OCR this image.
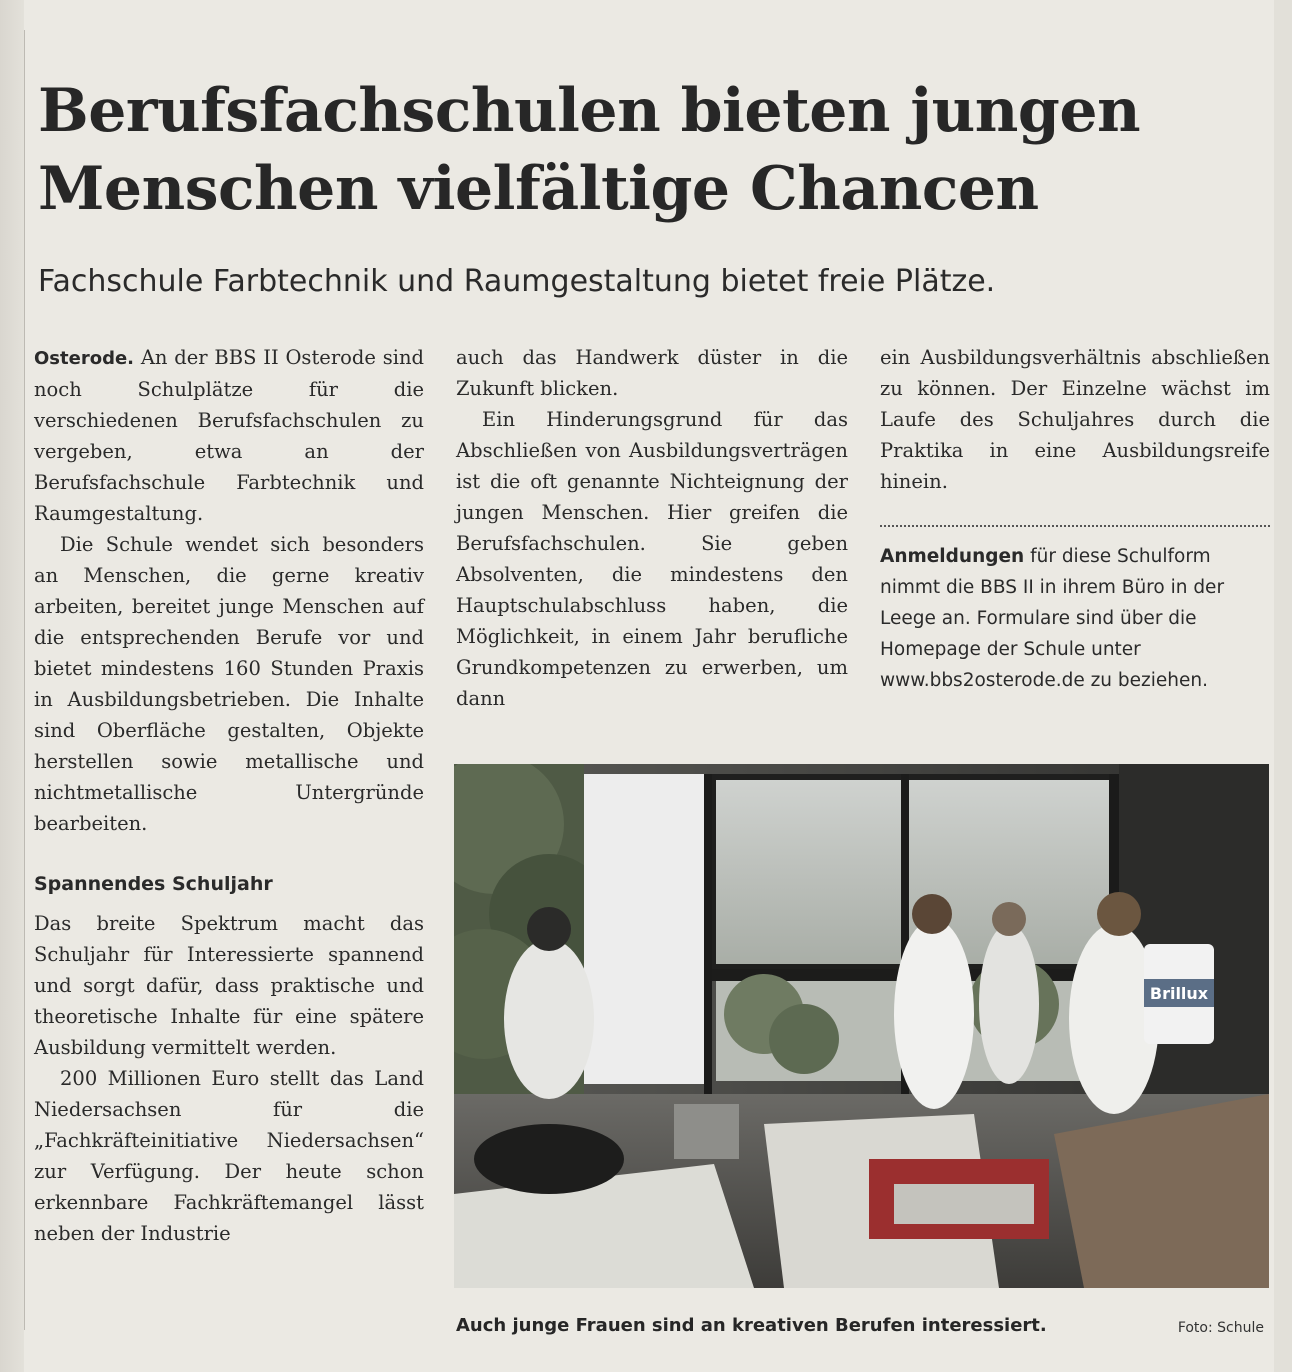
Berufsfachschulen bieten jungen Menschen vielfältige Chancen
Fachschule Farbtechnik und Raumgestaltung bietet freie Plätze.

Osterode. An der BBS II Osterode sind noch Schulplätze für die verschiedenen Berufsfachschulen zu vergeben, etwa an der Berufsfachschule Farbtechnik und Raumgestaltung.

Die Schule wendet sich besonders an Menschen, die gerne kreativ arbeiten, bereitet junge Menschen auf die entsprechenden Berufe vor und bietet mindestens 160 Stunden Praxis in Ausbildungsbetrieben. Die Inhalte sind Oberfläche gestalten, Objekte herstellen sowie metallische und nichtmetallische Untergründe bearbeiten.

Spannendes Schuljahr

Das breite Spektrum macht das Schuljahr für Interessierte spannend und sorgt dafür, dass praktische und theoretische Inhalte für eine spätere Ausbildung vermittelt werden.

200 Millionen Euro stellt das Land Niedersachsen für die „Fachkräfteinitiative Niedersachsen“ zur Verfügung. Der heute schon erkennbare Fachkräftemangel lässt neben der Industrie

auch das Handwerk düster in die Zukunft blicken.

Ein Hinderungsgrund für das Abschließen von Ausbildungsverträgen ist die oft genannte Nichteignung der jungen Menschen. Hier greifen die Berufsfachschulen. Sie geben Absolventen, die mindestens den Hauptschulabschluss haben, die Möglichkeit, in einem Jahr berufliche Grundkompetenzen zu erwerben, um dann

ein Ausbildungsverhältnis abschließen zu können. Der Einzelne wächst im Laufe des Schuljahres durch die Praktika in eine Ausbildungsreife hinein.

Anmeldungen für diese Schulform nimmt die BBS II in ihrem Büro in der Leege an. Formulare sind über die Homepage der Schule unter www.bbs2osterode.de zu beziehen.

Brillux
Auch junge Frauen sind an kreativen Berufen interessiert.	Foto: Schule
